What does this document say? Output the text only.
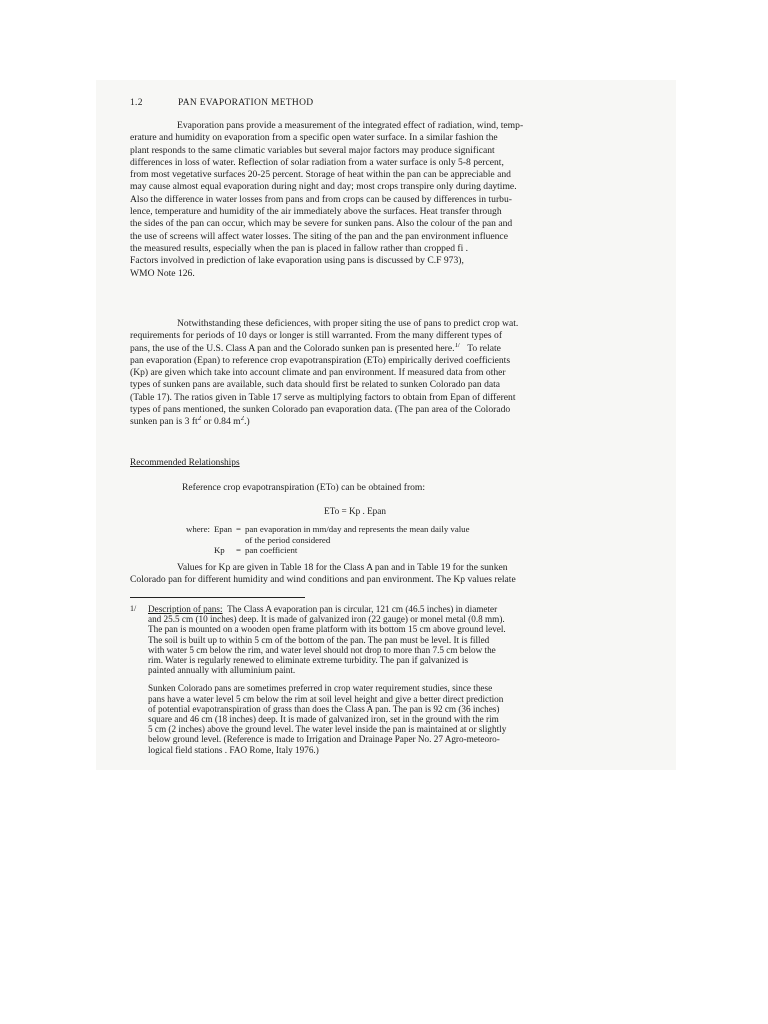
1.2	PAN EVAPORATION METHOD
Evaporation pans provide a measurement of the integrated effect of radiation, wind, temp-
erature and humidity on evaporation from a specific open water surface. In a similar fashion the
plant responds to the same climatic variables but several major factors may produce significant
differences in loss of water. Reflection of solar radiation from a water surface is only 5-8 percent,
from most vegetative surfaces 20-25 percent. Storage of heat within the pan can be appreciable and
may cause almost equal evaporation during night and day; most crops transpire only during daytime.
Also the difference in water losses from pans and from crops can be caused by differences in turbu-
lence, temperature and humidity of the air immediately above the surfaces. Heat transfer through
the sides of the pan can occur, which may be severe for sunken pans. Also the colour of the pan and
the use of screens will affect water losses. The siting of the pan and the pan environment influence
the measured results, especially when the pan is placed in fallow rather than cropped fi .
Factors involved in prediction of lake evaporation using pans is discussed by C.F 973),
WMO Note 126.
Notwithstanding these deficiences, with proper siting the use of pans to predict crop wat.
requirements for periods of 10 days or longer is still warranted. From the many different types of
pans, the use of the U.S. Class A pan and the Colorado sunken pan is presented here.$^{1/}$ To relate
pan evaporation (Epan) to reference crop evapotranspiration (ETo) empirically derived coefficients
(Kp) are given which take into account climate and pan environment. If measured data from other
types of sunken pans are available, such data should first be related to sunken Colorado pan data
(Table 17). The ratios given in Table 17 serve as multiplying factors to obtain from Epan of different
types of pans mentioned, the sunken Colorado pan evaporation data. (The pan area of the Colorado
sunken pan is 3 $ft^2$ or 0.84 $m^2$.)
Recommended Relationships
Reference crop evapotranspiration (ETo) can be obtained from:
ETo = Kp . Epan
where:	Epan	=	pan evaporation in mm/day and represents the mean daily value
			of the period considered
	Kp	=	pan coefficient
Values for Kp are given in Table 18 for the Class A pan and in Table 19 for the sunken
Colorado pan for different humidity and wind conditions and pan environment. The Kp values relate
1/ Description of pans: The Class A evaporation pan is circular, 121 cm (46.5 inches) in diameter
and 25.5 cm (10 inches) deep. It is made of galvanized iron (22 gauge) or monel metal (0.8 mm).
The pan is mounted on a wooden open frame platform with its bottom 15 cm above ground level.
The soil is built up to within 5 cm of the bottom of the pan. The pan must be level. It is filled
with water 5 cm below the rim, and water level should not drop to more than 7.5 cm below the
rim. Water is regularly renewed to eliminate extreme turbidity. The pan if galvanized is
painted annually with alluminium paint.
Sunken Colorado pans are sometimes preferred in crop water requirement studies, since these
pans have a water level 5 cm below the rim at soil level height and give a better direct prediction
of potential evapotranspiration of grass than does the Class A pan. The pan is 92 cm (36 inches)
square and 46 cm (18 inches) deep. It is made of galvanized iron, set in the ground with the rim
5 cm (2 inches) above the ground level. The water level inside the pan is maintained at or slightly
below ground level. (Reference is made to Irrigation and Drainage Paper No. 27 Agro-meteoro-
logical field stations . FAO Rome, Italy 1976.)
